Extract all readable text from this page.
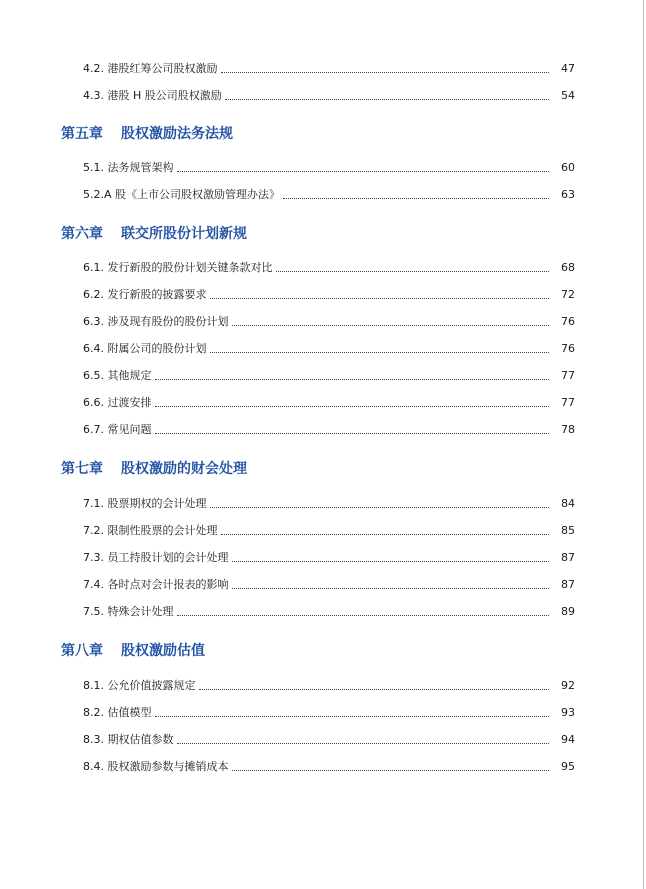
4.2. 港股红筹公司股权激励	47
4.3. 港股 H 股公司股权激励	54
第五章 股权激励法务法规
5.1. 法务规管架构	60
5.2.A 股《上市公司股权激励管理办法》	63
第六章 联交所股份计划新规
6.1. 发行新股的股份计划关键条款对比	68
6.2. 发行新股的披露要求	72
6.3. 涉及现有股份的股份计划	76
6.4. 附属公司的股份计划	76
6.5. 其他规定	77
6.6. 过渡安排	77
6.7. 常见问题	78
第七章 股权激励的财会处理
7.1. 股票期权的会计处理	84
7.2. 限制性股票的会计处理	85
7.3. 员工持股计划的会计处理	87
7.4. 各时点对会计报表的影响	87
7.5. 特殊会计处理	89
第八章 股权激励估值
8.1. 公允价值披露规定	92
8.2. 估值模型	93
8.3. 期权估值参数	94
8.4. 股权激励参数与摊销成本	95
